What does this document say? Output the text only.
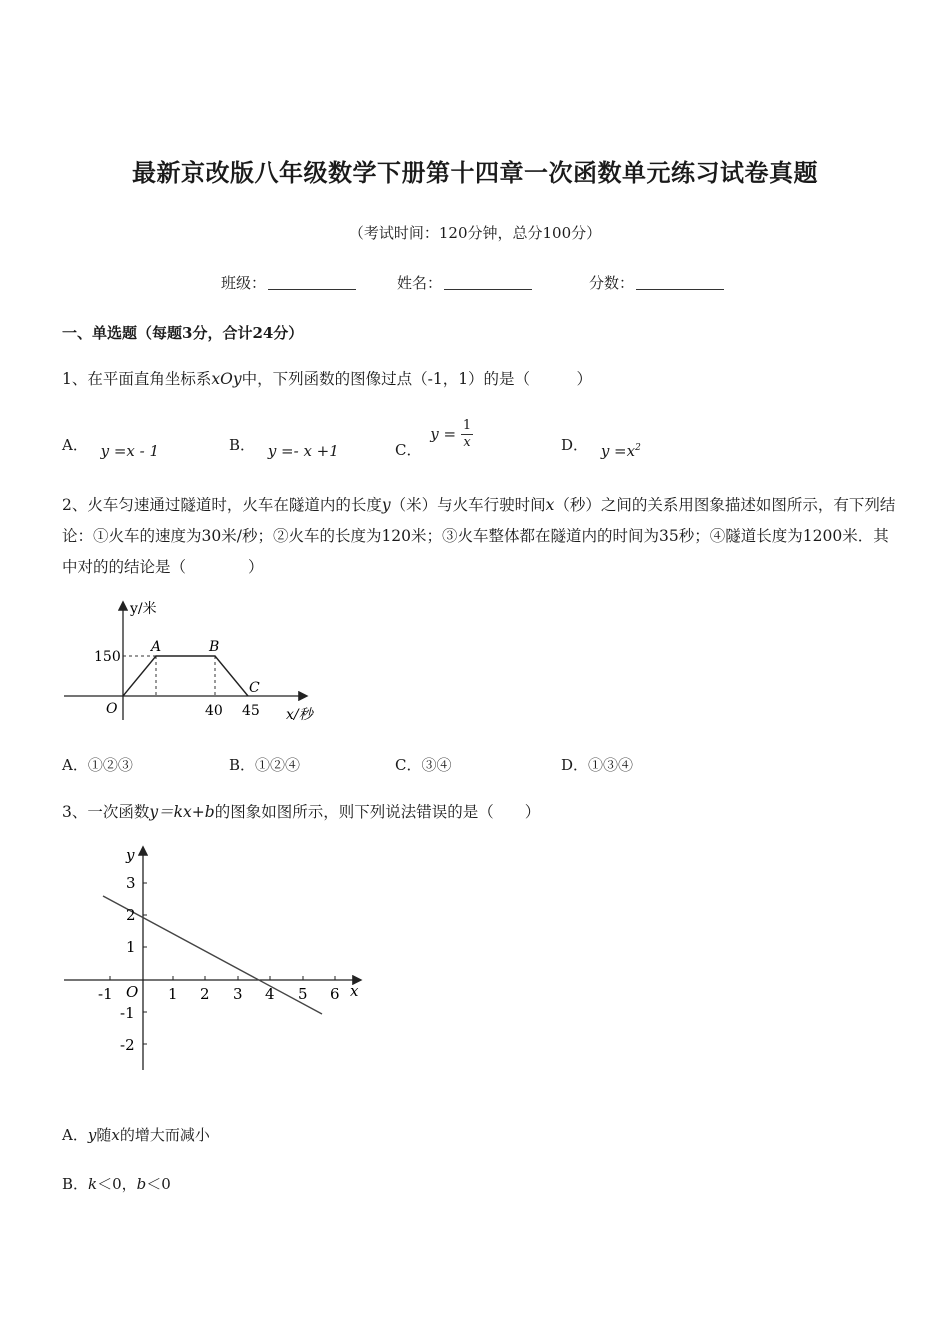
最新京改版八年级数学下册第十四章一次函数单元练习试卷真题
（考试时间：120分钟，总分100分）
班级：	姓名：	分数：
一、单选题（每题3分，合计24分）
1、在平面直角坐标系xOy中，下列函数的图像过点（-1，1）的是（　　　）
A． y =x - 1	B． y =- x +1	C． $y = \frac{1}{x}$	D． $y =x^2$
2、火车匀速通过隧道时，火车在隧道内的长度y（米）与火车行驶时间x（秒）之间的关系用图象描述如图所示，有下列结论：①火车的速度为30米/秒；②火车的长度为120米；③火车整体都在隧道内的时间为35秒；④隧道长度为1200米．其中对的的结论是（　　　　）
y/米
x/秒
150
40 45
O
A	B
C
A．①②③	B．①②④	C．③④	D．①③④
3、一次函数y＝kx+b的图象如图所示，则下列说法错误的是（　　）
y
x
O
3
2
1
-1
-2
-1	1 2 3 4 5 6
A．y随x的增大而减小
B．k＜0，b＜0
